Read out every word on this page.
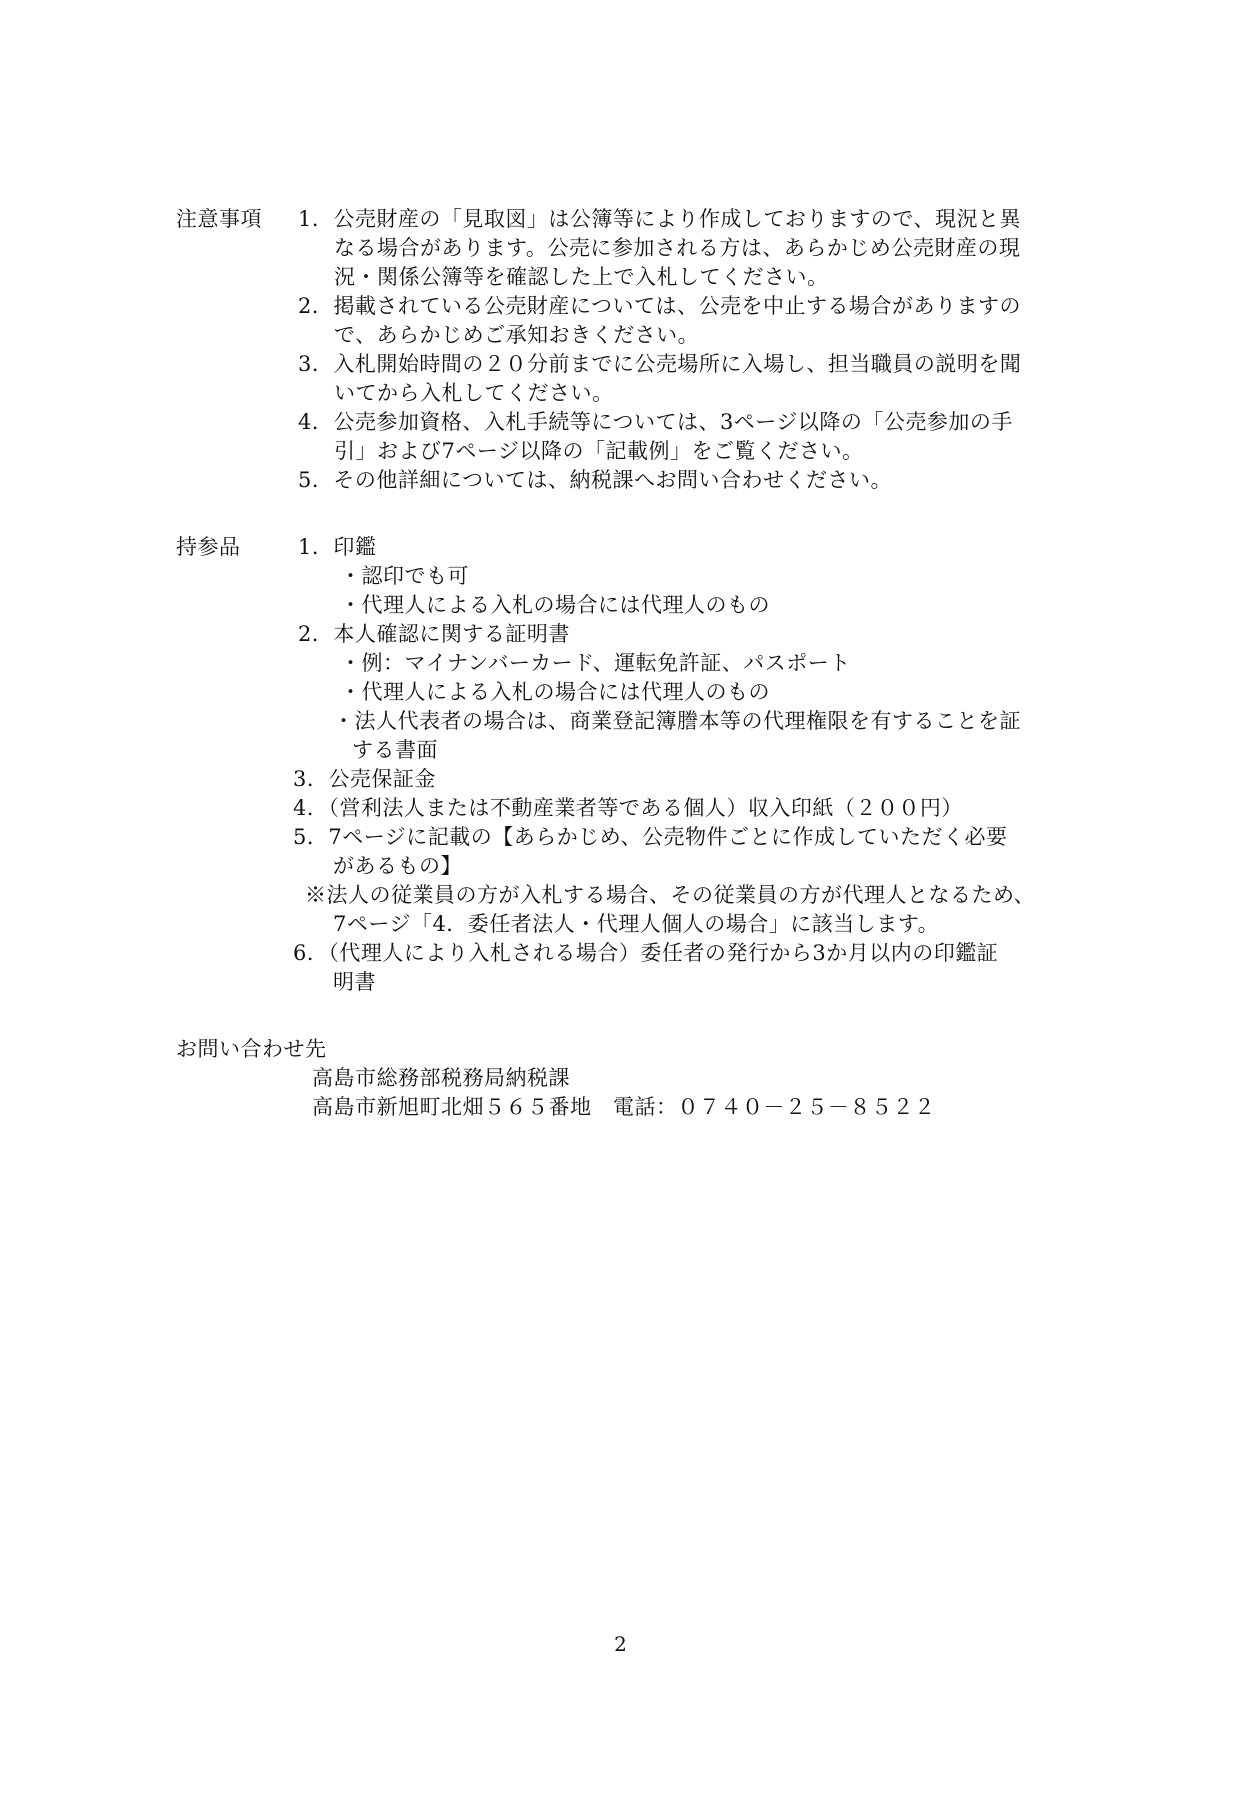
注意事項 1．公売財産の「見取図」は公簿等により作成しておりますので、現況と異
なる場合があります。公売に参加される方は、あらかじめ公売財産の現
況・関係公簿等を確認した上で入札してください。
2．掲載されている公売財産については、公売を中止する場合がありますの
で、あらかじめご承知おきください。
3．入札開始時間の２０分前までに公売場所に入場し、担当職員の説明を聞
いてから入札してください。
4．公売参加資格、入札手続等については、3ページ以降の「公売参加の手
引」および7ページ以降の「記載例」をご覧ください。
5．その他詳細については、納税課へお問い合わせください。
持参品	1．印鑑
・認印でも可
・代理人による入札の場合には代理人のもの
2．本人確認に関する証明書
・例：マイナンバーカード、運転免許証、パスポート
・代理人による入札の場合には代理人のもの
・法人代表者の場合は、商業登記簿謄本等の代理権限を有することを証
する書面
3．公売保証金
4．（営利法人または不動産業者等である個人）収入印紙（２００円）
5．7ページに記載の【あらかじめ、公売物件ごとに作成していただく必要
があるもの】
※法人の従業員の方が入札する場合、その従業員の方が代理人となるため、
7ページ「4．委任者法人・代理人個人の場合」に該当します。
6．（代理人により入札される場合）委任者の発行から3か月以内の印鑑証
明書
お問い合わせ先
高島市総務部税務局納税課
高島市新旭町北畑５６５番地　電話：０７４０－２５－８５２２
2
